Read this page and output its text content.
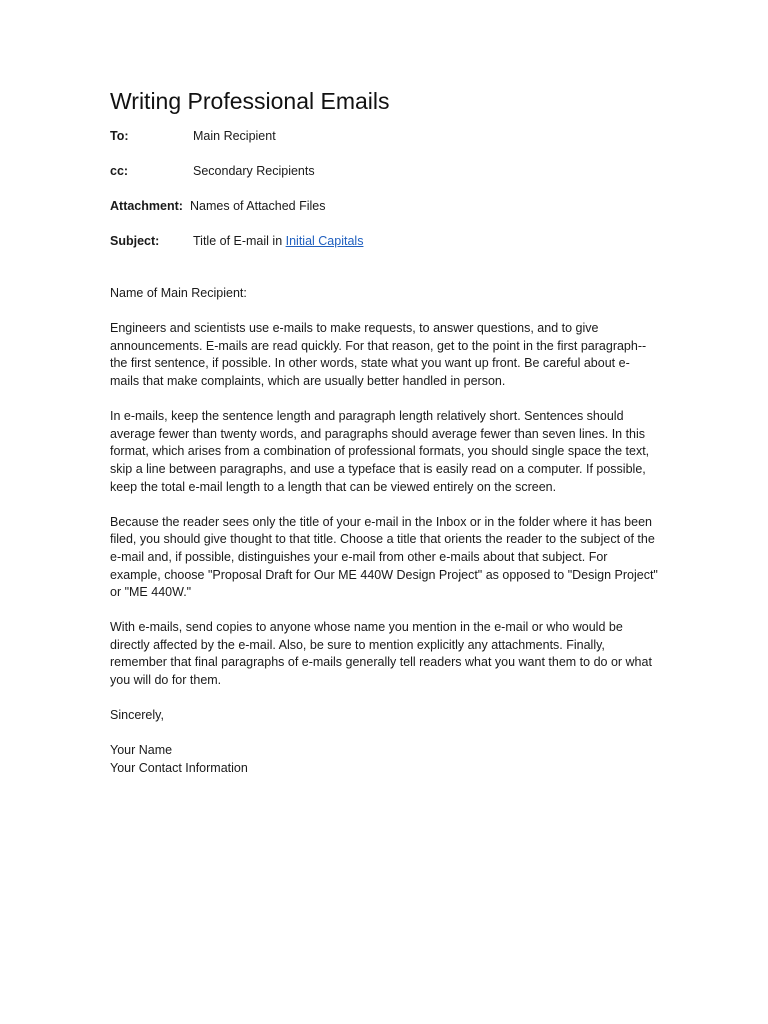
Writing Professional Emails
To:	Main Recipient
cc:	Secondary Recipients
Attachment: Names of Attached Files
Subject:	Title of E-mail in Initial Capitals

Name of Main Recipient:

Engineers and scientists use e-mails to make requests, to answer questions, and to give announcements. E-mails are read quickly. For that reason, get to the point in the first paragraph--the first sentence, if possible. In other words, state what you want up front. Be careful about e-mails that make complaints, which are usually better handled in person.

In e-mails, keep the sentence length and paragraph length relatively short. Sentences should average fewer than twenty words, and paragraphs should average fewer than seven lines. In this format, which arises from a combination of professional formats, you should single space the text, skip a line between paragraphs, and use a typeface that is easily read on a computer. If possible, keep the total e-mail length to a length that can be viewed entirely on the screen.

Because the reader sees only the title of your e-mail in the Inbox or in the folder where it has been filed, you should give thought to that title. Choose a title that orients the reader to the subject of the e-mail and, if possible, distinguishes your e-mail from other e-mails about that subject. For example, choose "Proposal Draft for Our ME 440W Design Project" as opposed to "Design Project" or "ME 440W."

With e-mails, send copies to anyone whose name you mention in the e-mail or who would be directly affected by the e-mail. Also, be sure to mention explicitly any attachments. Finally, remember that final paragraphs of e-mails generally tell readers what you want them to do or what you will do for them.

Sincerely,

Your Name

Your Contact Information
